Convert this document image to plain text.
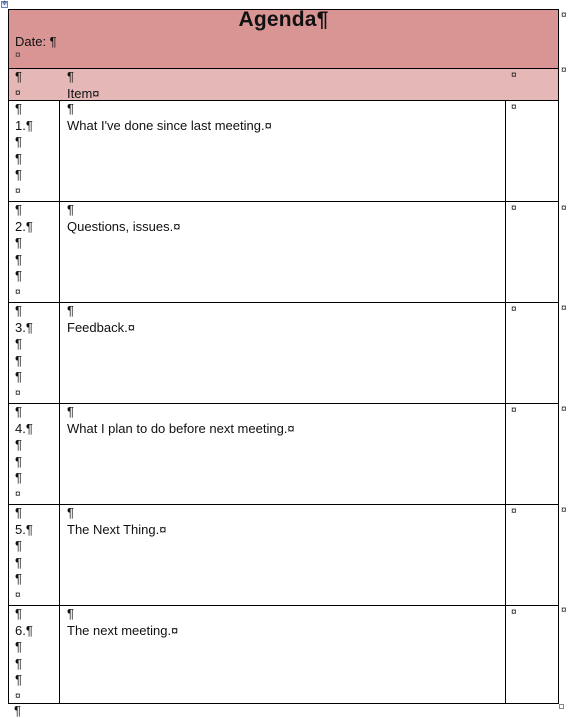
✥
Agenda¶
Date: ¶
¤
¶
¤
¶
Item¤
¤
¶
1.¶
¶
¶
¶
¤
¶
What I've done since last meeting.¤
¤
¶
2.¶
¶
¶
¶
¤
¶
Questions, issues.¤
¤
¶
3.¶
¶
¶
¶
¤
¶
Feedback.¤
¤
¶
4.¶
¶
¶
¶
¤
¶
What I plan to do before next meeting.¤
¤
¶
5.¶
¶
¶
¶
¤
¶
The Next Thing.¤
¤
¶
6.¶
¶
¶
¶
¤
¶
The next meeting.¤
¤
¤
¤
¤
¤
¤
¤
¤
¶
